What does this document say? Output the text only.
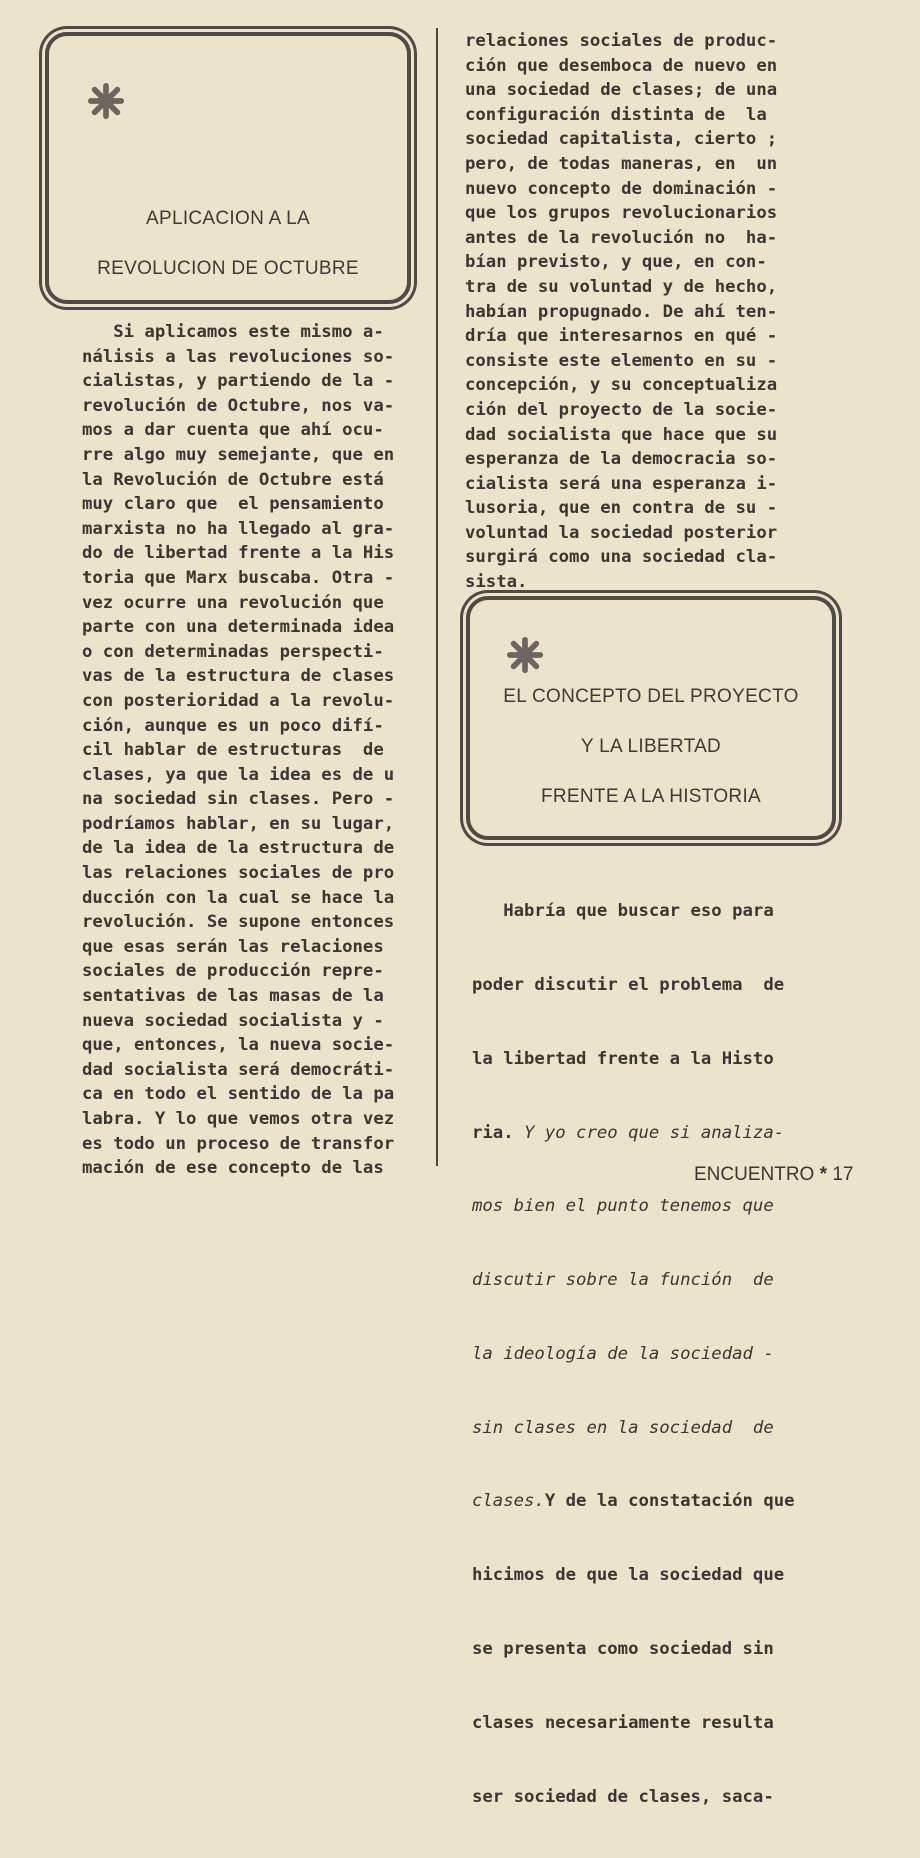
APLICACION A LA
REVOLUCION DE OCTUBRE
Si aplicamos este mismo a-
nálisis a las revoluciones so-
cialistas, y partiendo de la -
revolución de Octubre, nos va-
mos a dar cuenta que ahí ocu-
rre algo muy semejante, que en
la Revolución de Octubre está
muy claro que  el pensamiento
marxista no ha llegado al gra-
do de libertad frente a la His
toria que Marx buscaba. Otra -
vez ocurre una revolución que
parte con una determinada idea
o con determinadas perspecti-
vas de la estructura de clases
con posterioridad a la revolu-
ción, aunque es un poco difí-
cil hablar de estructuras  de
clases, ya que la idea es de u
na sociedad sin clases. Pero -
podríamos hablar, en su lugar,
de la idea de la estructura de
las relaciones sociales de pro
ducción con la cual se hace la
revolución. Se supone entonces
que esas serán las relaciones
sociales de producción repre-
sentativas de las masas de la
nueva sociedad socialista y -
que, entonces, la nueva socie-
dad socialista será democráti-
ca en todo el sentido de la pa
labra. Y lo que vemos otra vez
es todo un proceso de transfor
mación de ese concepto de las
relaciones sociales de produc-
ción que desemboca de nuevo en
una sociedad de clases; de una
configuración distinta de  la
sociedad capitalista, cierto ;
pero, de todas maneras, en  un
nuevo concepto de dominación -
que los grupos revolucionarios
antes de la revolución no  ha-
bían previsto, y que, en con-
tra de su voluntad y de hecho,
habían propugnado. De ahí ten-
dría que interesarnos en qué -
consiste este elemento en su -
concepción, y su conceptualiza
ción del proyecto de la socie-
dad socialista que hace que su
esperanza de la democracia so-
cialista será una esperanza i-
lusoria, que en contra de su -
voluntad la sociedad posterior
surgirá como una sociedad cla-
sista.
EL CONCEPTO DEL PROYECTO
Y LA LIBERTAD
FRENTE A LA HISTORIA

Habría que buscar eso para

poder discutir el problema  de

la libertad frente a la Histo

ria. Y yo creo que si analiza-

mos bien el punto tenemos que

discutir sobre la función  de

la ideología de la sociedad -

sin clases en la sociedad  de

clases.Y de la constatación que

hicimos de que la sociedad que

se presenta como sociedad sin

clases necesariamente resulta

ser sociedad de clases, saca-

ENCUENTRO * 17
